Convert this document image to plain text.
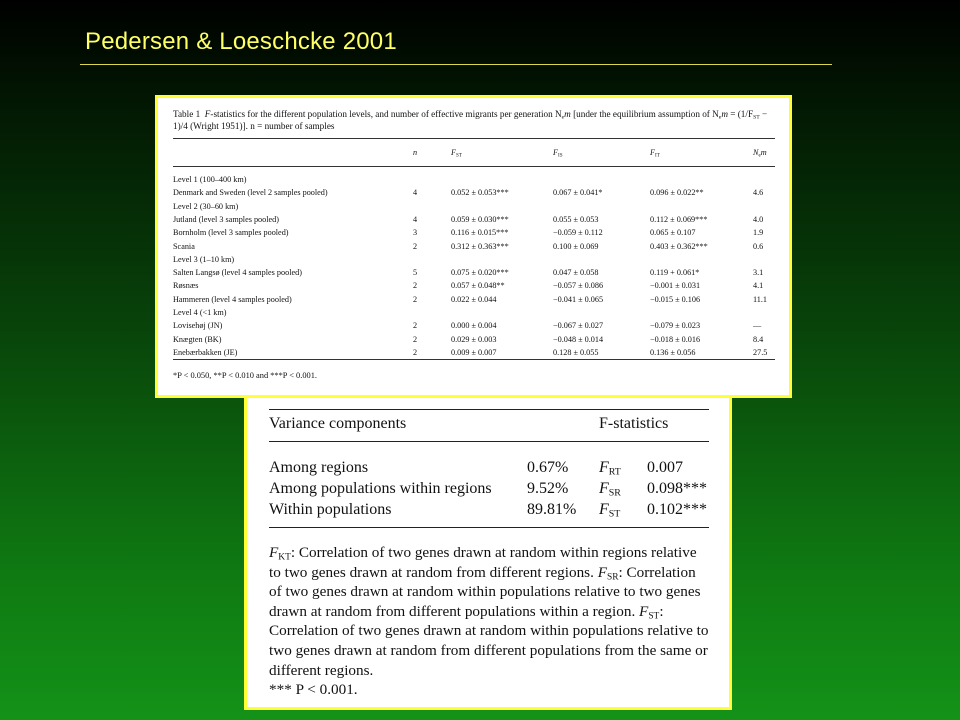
Pedersen & Loeschcke 2001
Variance components	F-statistics
Among regions	0.67% $F_{RT}$ 0.007
Among populations within regions 9.52% $F_{SR}$ 0.098***
Within populations	89.81% $F_{ST}$ 0.102***
$F_{KT}$: Correlation of two genes drawn at random within regions relative to two genes drawn at random from different regions. $F_{SR}$: Correlation of two genes drawn at random within populations relative to two genes drawn at random from different populations within a region. $F_{ST}$: Correlation of two genes drawn at random within populations relative to two genes drawn at random from different populations from the same or different regions.
*** P < 0.001.
Table 1 F-statistics for the different population levels, and number of effective migrants per generation $N_em$ [under the equilibrium assumption of $N_em = (1/F_{ST} - 1)/4$ (Wright 1951)]. n = number of samples
n	$F_{ST}$	$F_{IS}$	$F_{IT}$	$N_em$
Level 1 (100–400 km)
Denmark and Sweden (level 2 samples pooled)	4	0.052 ± 0.053***	0.067 ± 0.041*	0.096 ± 0.022**	4.6
Level 2 (30–60 km)
Jutland (level 3 samples pooled)	4	0.059 ± 0.030***	0.055 ± 0.053	0.112 ± 0.069***	4.0
Bornholm (level 3 samples pooled)	3	0.116 ± 0.015***	−0.059 ± 0.112	0.065 ± 0.107	1.9
Scania	2	0.312 ± 0.363***	0.100 ± 0.069	0.403 ± 0.362***	0.6
Level 3 (1–10 km)
Salten Langsø (level 4 samples pooled)	5	0.075 ± 0.020***	0.047 ± 0.058	0.119 + 0.061*	3.1
Røsnæs	2	0.057 ± 0.048**	−0.057 ± 0.086	−0.001 ± 0.031	4.1
Hammeren (level 4 samples pooled)	2	0.022 ± 0.044	−0.041 ± 0.065	−0.015 ± 0.106	11.1
Level 4 (<1 km)
Lovisehøj (JN)	2	0.000 ± 0.004	−0.067 ± 0.027	−0.079 ± 0.023	—
Knægten (BK)	2	0.029 ± 0.003	−0.048 ± 0.014	−0.018 ± 0.016	8.4
Enebærbakken (JE)	2	0.009 ± 0.007	0.128 ± 0.055	0.136 ± 0.056	27.5
*P < 0.050, **P < 0.010 and ***P < 0.001.
